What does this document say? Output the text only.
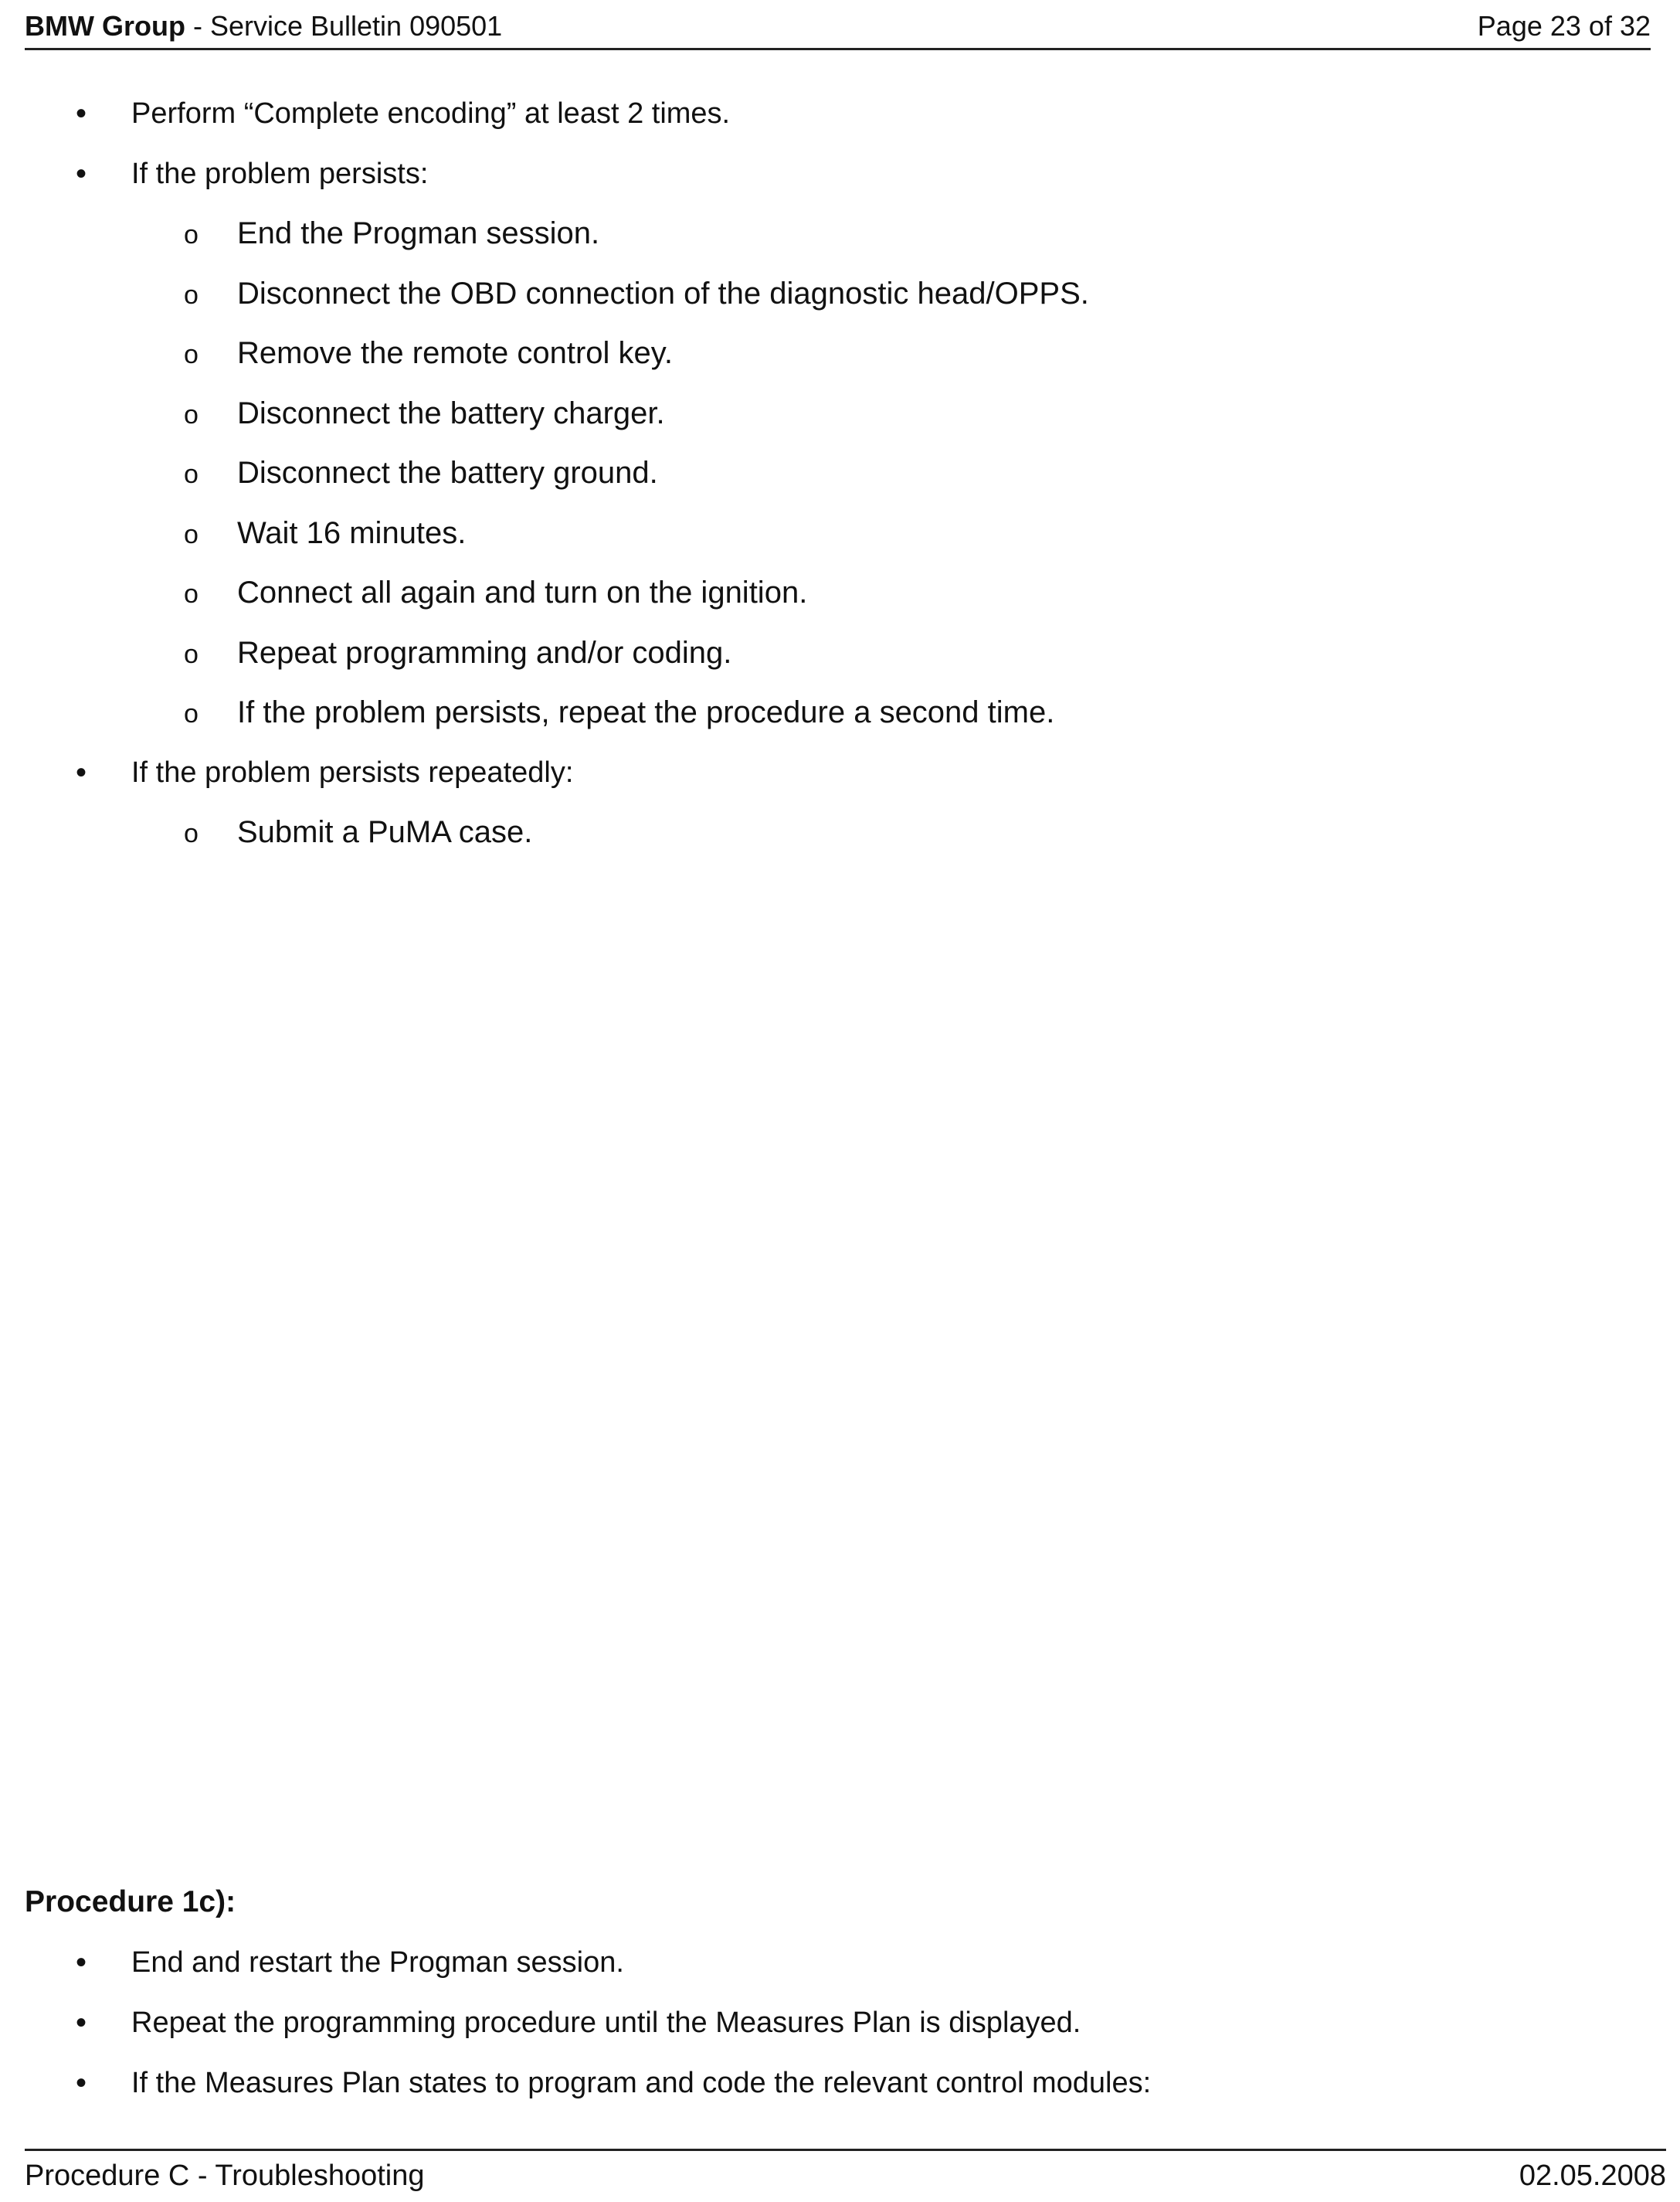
BMW Group - Service Bulletin 090501	Page 23 of 32
• Perform “Complete encoding” at least 2 times.
• If the problem persists:
o End the Progman session.
o Disconnect the OBD connection of the diagnostic head/OPPS.
o Remove the remote control key.
o Disconnect the battery charger.
o Disconnect the battery ground.
o Wait 16 minutes.
o Connect all again and turn on the ignition.
o Repeat programming and/or coding.
o If the problem persists, repeat the procedure a second time.
• If the problem persists repeatedly:
o Submit a PuMA case.
Procedure 1c):
• End and restart the Progman session.
• Repeat the programming procedure until the Measures Plan is displayed.
• If the Measures Plan states to program and code the relevant control modules:
Procedure C - Troubleshooting	02.05.2008
